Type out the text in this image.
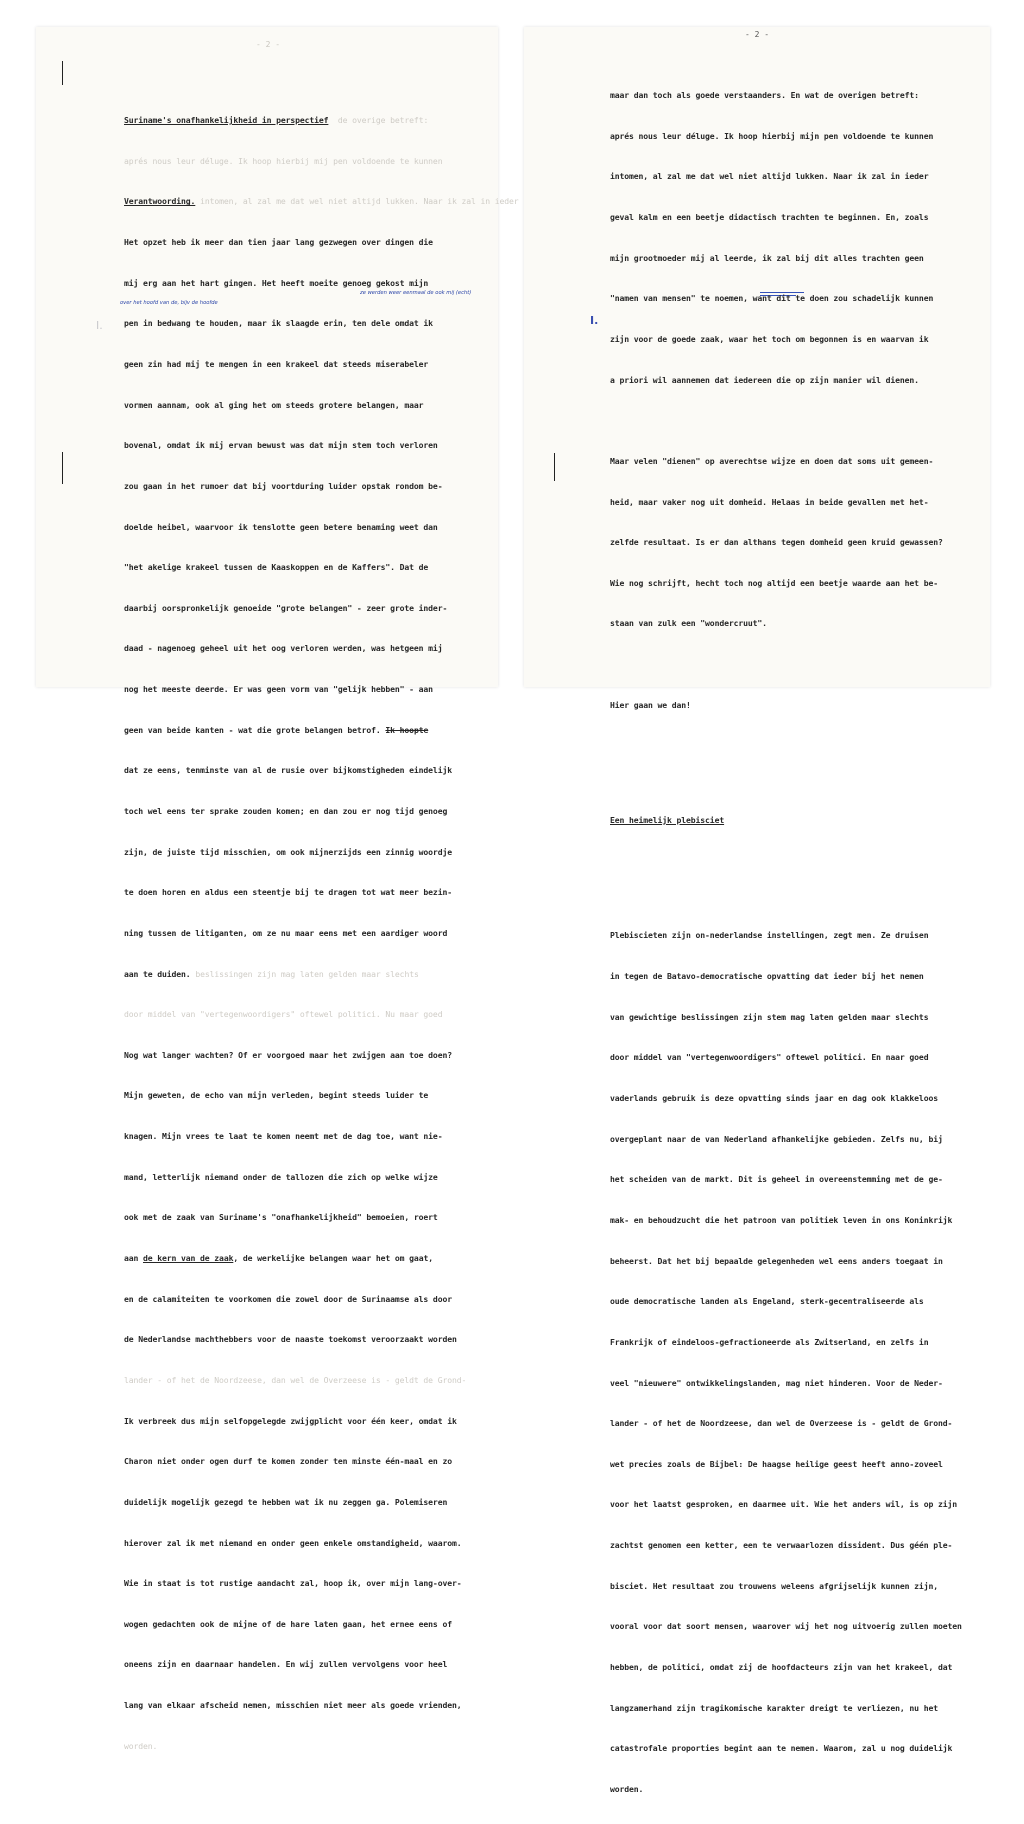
- 2 -
I.
ze werden weer eenmaal de ook mij (echt)
over het hoofd van de, bijv de hoofde

Suriname's onafhankelijkheid in perspectief de overige betreft:

aprés nous leur déluge. Ik hoop hierbij mij pen voldoende te kunnen

Verantwoording. intomen, al zal me dat wel niet altijd lukken. Naar ik zal in ieder

Het opzet heb ik meer dan tien jaar lang gezwegen over dingen die

mij erg aan het hart gingen. Het heeft moeite genoeg gekost mijn

pen in bedwang te houden, maar ik slaagde erin, ten dele omdat ik

geen zin had mij te mengen in een krakeel dat steeds miserabeler

vormen aannam, ook al ging het om steeds grotere belangen, maar

bovenal, omdat ik mij ervan bewust was dat mijn stem toch verloren

zou gaan in het rumoer dat bij voortduring luider opstak rondom be-

doelde heibel, waarvoor ik tenslotte geen betere benaming weet dan

"het akelige krakeel tussen de Kaaskoppen en de Kaffers". Dat de

daarbij oorspronkelijk genoeide "grote belangen" - zeer grote inder-

daad - nagenoeg geheel uit het oog verloren werden, was hetgeen mij

nog het meeste deerde. Er was geen vorm van "gelijk hebben" - aan

geen van beide kanten - wat die grote belangen betrof. Ik hoopte

dat ze eens, tenminste van al de rusie over bijkomstigheden eindelijk

toch wel eens ter sprake zouden komen; en dan zou er nog tijd genoeg

zijn, de juiste tijd misschien, om ook mijnerzijds een zinnig woordje

te doen horen en aldus een steentje bij te dragen tot wat meer bezin-

ning tussen de litiganten, om ze nu maar eens met een aardiger woord

aan te duiden. beslissingen zijn mag laten gelden maar slechts

door middel van "vertegenwoordigers" oftewel politici. Nu maar goed

Nog wat langer wachten? Of er voorgoed maar het zwijgen aan toe doen?

Mijn geweten, de echo van mijn verleden, begint steeds luider te

knagen. Mijn vrees te laat te komen neemt met de dag toe, want nie-

mand, letterlijk niemand onder de tallozen die zich op welke wijze

ook met de zaak van Suriname's "onafhankelijkheid" bemoeien, roert

aan de kern van de zaak, de werkelijke belangen waar het om gaat,

en de calamiteiten te voorkomen die zowel door de Surinaamse als door

de Nederlandse machthebbers voor de naaste toekomst veroorzaakt worden

lander - of het de Noordzeese, dan wel de Overzeese is - geldt de Grond-

Ik verbreek dus mijn selfopgelegde zwijgplicht voor één keer, omdat ik

Charon niet onder ogen durf te komen zonder ten minste één-maal en zo

duidelijk mogelijk gezegd te hebben wat ik nu zeggen ga. Polemiseren

hierover zal ik met niemand en onder geen enkele omstandigheid, waarom.

Wie in staat is tot rustige aandacht zal, hoop ik, over mijn lang-over-

wogen gedachten ook de mijne of de hare laten gaan, het ernee eens of

oneens zijn en daarnaar handelen. En wij zullen vervolgens voor heel

lang van elkaar afscheid nemen, misschien niet meer als goede vrienden,

worden.

- 2 -
I.

maar dan toch als goede verstaanders. En wat de overigen betreft:

aprés nous leur déluge. Ik hoop hierbij mijn pen voldoende te kunnen

intomen, al zal me dat wel niet altijd lukken. Naar ik zal in ieder

geval kalm en een beetje didactisch trachten te beginnen. En, zoals

mijn grootmoeder mij al leerde, ik zal bij dit alles trachten geen

"namen van mensen" te noemen, want dit te doen zou schadelijk kunnen

zijn voor de goede zaak, waar het toch om begonnen is en waarvan ik

a priori wil aannemen dat iedereen die op zijn manier wil dienen.

Maar velen "dienen" op averechtse wijze en doen dat soms uit gemeen-

heid, maar vaker nog uit domheid. Helaas in beide gevallen met het-

zelfde resultaat. Is er dan althans tegen domheid geen kruid gewassen?

Wie nog schrijft, hecht toch nog altijd een beetje waarde aan het be-

staan van zulk een "wondercruut".

Hier gaan we dan!

Een heimelijk plebisciet

Plebiscieten zijn on-nederlandse instellingen, zegt men. Ze druisen

in tegen de Batavo-democratische opvatting dat ieder bij het nemen

van gewichtige beslissingen zijn stem mag laten gelden maar slechts

door middel van "vertegenwoordigers" oftewel politici. En naar goed

vaderlands gebruik is deze opvatting sinds jaar en dag ook klakkeloos

overgeplant naar de van Nederland afhankelijke gebieden. Zelfs nu, bij

het scheiden van de markt. Dit is geheel in overeenstemming met de ge-

mak- en behoudzucht die het patroon van politiek leven in ons Koninkrijk

beheerst. Dat het bij bepaalde gelegenheden wel eens anders toegaat in

oude democratische landen als Engeland, sterk-gecentraliseerde als

Frankrijk of eindeloos-gefractioneerde als Zwitserland, en zelfs in

veel "nieuwere" ontwikkelingslanden, mag niet hinderen. Voor de Neder-

lander - of het de Noordzeese, dan wel de Overzeese is - geldt de Grond-

wet precies zoals de Bijbel: De haagse heilige geest heeft anno-zoveel

voor het laatst gesproken, en daarmee uit. Wie het anders wil, is op zijn

zachtst genomen een ketter, een te verwaarlozen dissident. Dus géén ple-

bisciet. Het resultaat zou trouwens weleens afgrijselijk kunnen zijn,

vooral voor dat soort mensen, waarover wij het nog uitvoerig zullen moeten

hebben, de politici, omdat zij de hoofdacteurs zijn van het krakeel, dat

langzamerhand zijn tragikomische karakter dreigt te verliezen, nu het

catastrofale proporties begint aan te nemen. Waarom, zal u nog duidelijk

worden.
